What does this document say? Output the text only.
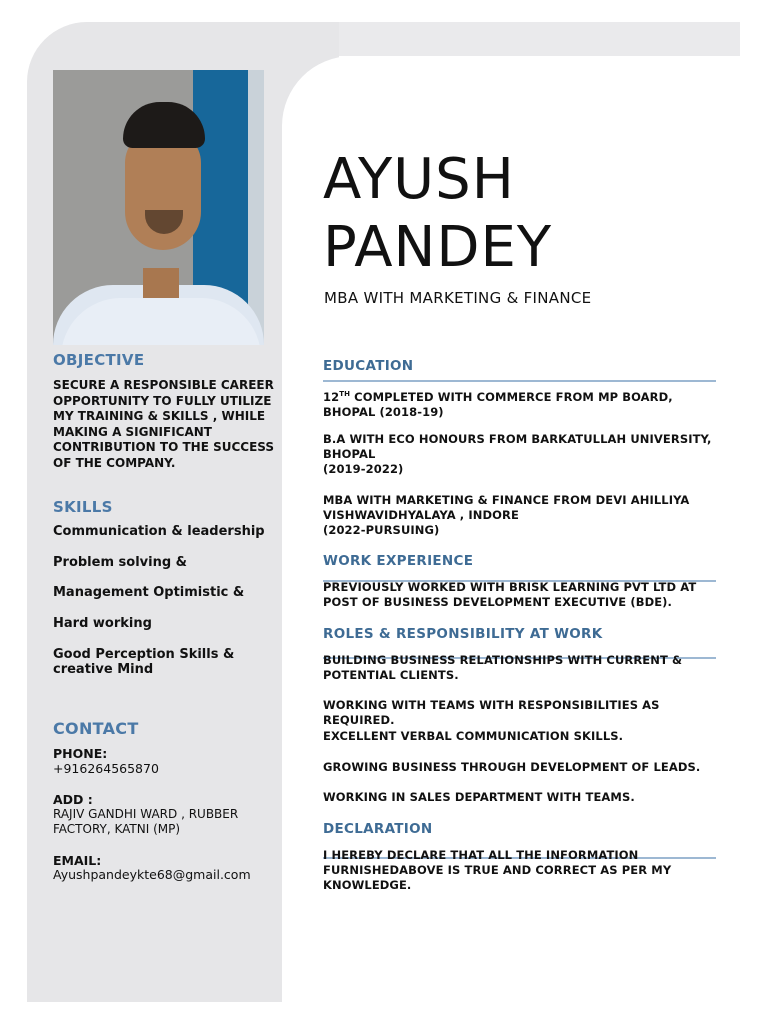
OBJECTIVE

SECURE A RESPONSIBLE CAREER OPPORTUNITY TO FULLY UTILIZE MY TRAINING & SKILLS , WHILE MAKING A SIGNIFICANT CONTRIBUTION TO THE SUCCESS OF THE COMPANY.

SKILLS

Communication & leadership

Problem solving &

Management Optimistic &

Hard working

Good Perception Skills & creative Mind

CONTACT

PHONE:

+916264565870

ADD :

RAJIV GANDHI WARD , RUBBER FACTORY, KATNI (MP)

EMAIL:

Ayushpandeykte68@gmail.com

AYUSH
PANDEY

MBA WITH MARKETING & FINANCE

EDUCATION

12TH COMPLETED WITH COMMERCE FROM MP BOARD, BHOPAL (2018-19)

B.A WITH ECO HONOURS FROM BARKATULLAH UNIVERSITY, BHOPAL
(2019-2022)

MBA WITH MARKETING & FINANCE FROM DEVI AHILLIYA VISHWAVIDHYALAYA , INDORE
(2022-PURSUING)

WORK EXPERIENCE

PREVIOUSLY WORKED WITH BRISK LEARNING PVT LTD AT POST OF BUSINESS DEVELOPMENT EXECUTIVE (BDE).

ROLES & RESPONSIBILITY AT WORK

BUILDING BUSINESS RELATIONSHIPS WITH CURRENT & POTENTIAL CLIENTS.

WORKING WITH TEAMS WITH RESPONSIBILITIES AS REQUIRED.

EXCELLENT VERBAL COMMUNICATION SKILLS.

GROWING BUSINESS THROUGH DEVELOPMENT OF LEADS.

WORKING IN SALES DEPARTMENT WITH TEAMS.

DECLARATION

I HEREBY DECLARE THAT ALL THE INFORMATION FURNISHEDABOVE IS TRUE AND CORRECT AS PER MY KNOWLEDGE.
